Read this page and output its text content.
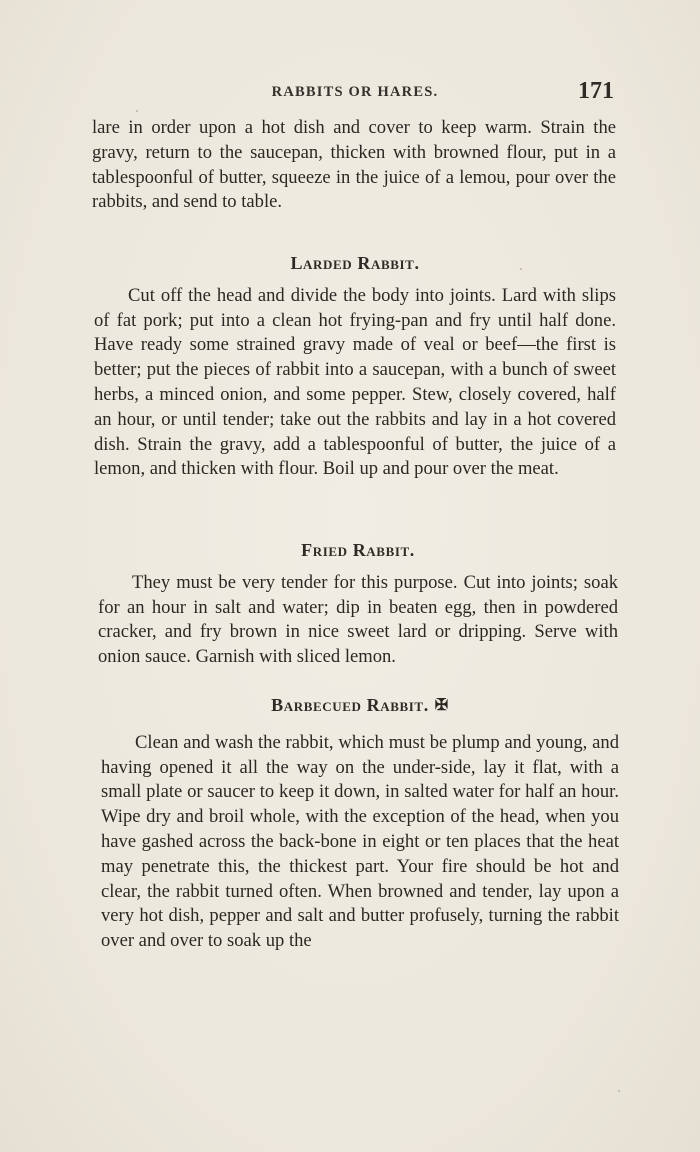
RABBITS OR HARES.	171

lare in order upon a hot dish and cover to keep warm. Strain the gravy, return to the saucepan, thicken with browned flour, put in a tablespoonful of butter, squeeze in the juice of a lemou, pour over the rabbits, and send to table.

Larded Rabbit.

Cut off the head and divide the body into joints. Lard with slips of fat pork; put into a clean hot frying-pan and fry until half done. Have ready some strained gravy made of veal or beef—the first is better; put the pieces of rabbit into a saucepan, with a bunch of sweet herbs, a minced onion, and some pepper. Stew, closely covered, half an hour, or until tender; take out the rabbits and lay in a hot covered dish. Strain the gravy, add a tablespoonful of butter, the juice of a lemon, and thicken with flour. Boil up and pour over the meat.

Fried Rabbit.

They must be very tender for this purpose. Cut into joints; soak for an hour in salt and water; dip in beaten egg, then in powdered cracker, and fry brown in nice sweet lard or dripping. Serve with onion sauce. Garnish with sliced lemon.

Barbecued Rabbit. ✠

Clean and wash the rabbit, which must be plump and young, and having opened it all the way on the under-side, lay it flat, with a small plate or saucer to keep it down, in salted water for half an hour. Wipe dry and broil whole, with the exception of the head, when you have gashed across the back-bone in eight or ten places that the heat may penetrate this, the thickest part. Your fire should be hot and clear, the rabbit turned often. When browned and tender, lay upon a very hot dish, pepper and salt and butter profusely, turning the rabbit over and over to soak up the
